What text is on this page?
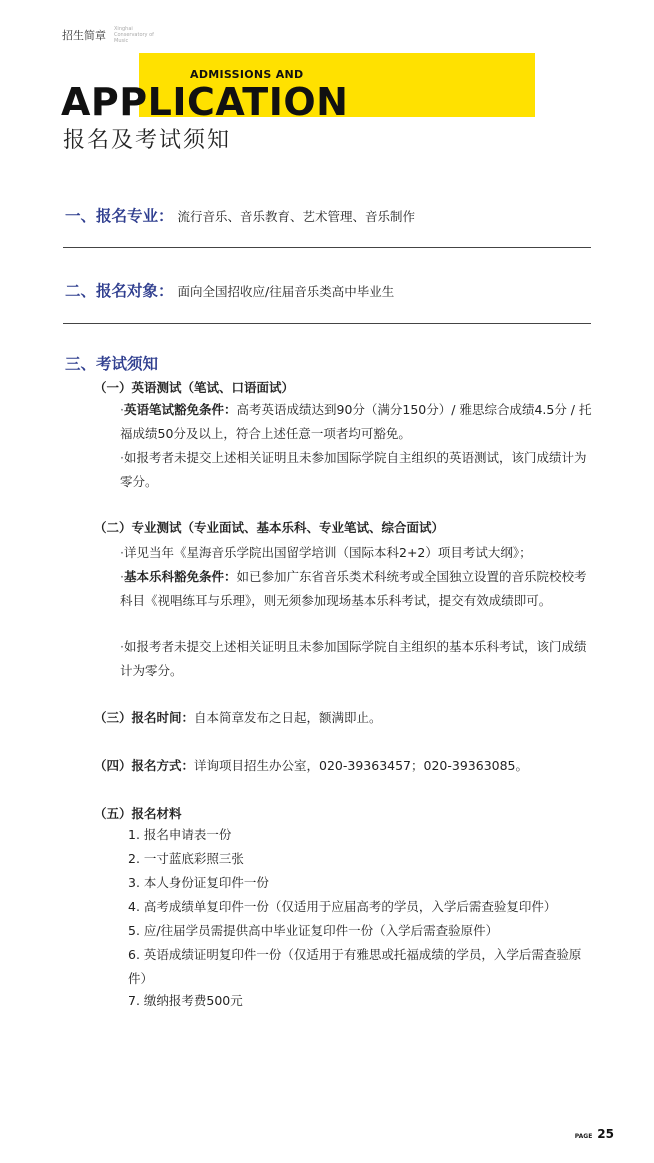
招生简章 Xinghai Conservatory of Music
ADMISSIONS AND
APPLICATION
报名及考试须知
一、报名专业： 流行音乐、音乐教育、艺术管理、音乐制作
二、报名对象： 面向全国招收应/往届音乐类高中毕业生
三、考试须知
（一）英语测试（笔试、口语面试）
·英语笔试豁免条件：高考英语成绩达到90分（满分150分）/ 雅思综合成绩4.5分 / 托福成绩50分及以上，符合上述任意一项者均可豁免。
·如报考者未提交上述相关证明且未参加国际学院自主组织的英语测试，该门成绩计为零分。
（二）专业测试（专业面试、基本乐科、专业笔试、综合面试）
·详见当年《星海音乐学院出国留学培训（国际本科2+2）项目考试大纲》；
·基本乐科豁免条件：如已参加广东省音乐类术科统考或全国独立设置的音乐院校校考科目《视唱练耳与乐理》，则无须参加现场基本乐科考试，提交有效成绩即可。
·如报考者未提交上述相关证明且未参加国际学院自主组织的基本乐科考试，该门成绩计为零分。
（三）报名时间：自本简章发布之日起，额满即止。
（四）报名方式：详询项目招生办公室，020-39363457；020-39363085。
（五）报名材料
1. 报名申请表一份
2. 一寸蓝底彩照三张
3. 本人身份证复印件一份
4. 高考成绩单复印件一份（仅适用于应届高考的学员，入学后需查验复印件）
5. 应/往届学员需提供高中毕业证复印件一份（入学后需查验原件）
6. 英语成绩证明复印件一份（仅适用于有雅思或托福成绩的学员，入学后需查验原件）
7. 缴纳报考费500元
PAGE 25
